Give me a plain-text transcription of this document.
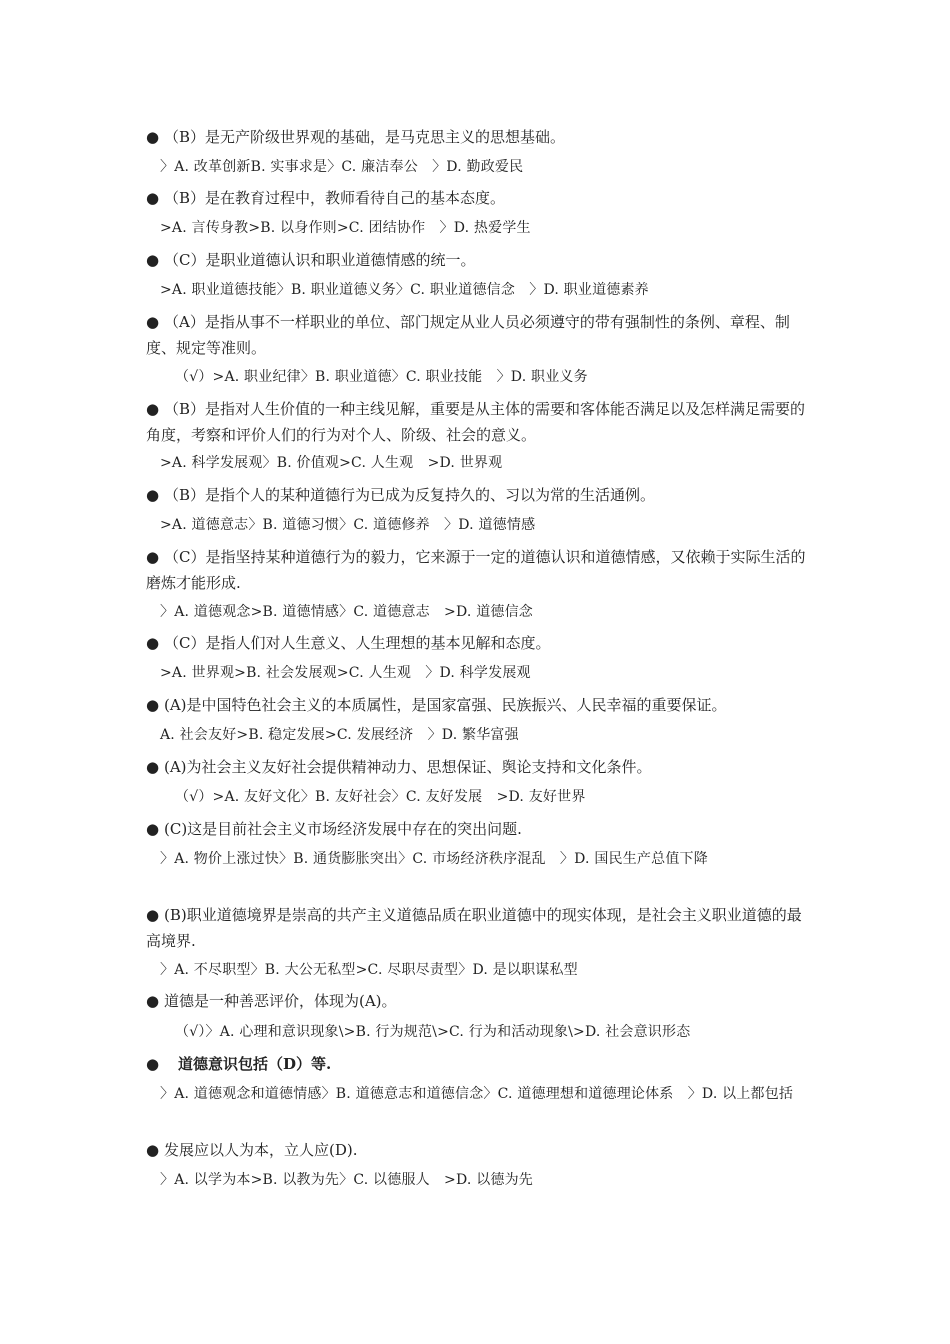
● （B）是无产阶级世界观的基础，是马克思主义的思想基础。
〉A. 改革创新B. 实事求是〉C. 廉洁奉公　〉D. 勤政爱民
● （B）是在教育过程中，教师看待自己的基本态度。
>A. 言传身教>B. 以身作则>C. 团结协作　〉D. 热爱学生
● （C）是职业道德认识和职业道德情感的统一。
>A. 职业道德技能〉B. 职业道德义务〉C. 职业道德信念　〉D. 职业道德素养
● （A）是指从事不一样职业的单位、部门规定从业人员必须遵守的带有强制性的条例、章程、制度、规定等准则。
（√）>A. 职业纪律〉B. 职业道德〉C. 职业技能　〉D. 职业义务
● （B）是指对人生价值的一种主线见解，重要是从主体的需要和客体能否满足以及怎样满足需要的角度，考察和评价人们的行为对个人、阶级、社会的意义。
>A. 科学发展观〉B. 价值观>C. 人生观　>D. 世界观
● （B）是指个人的某种道德行为已成为反复持久的、习以为常的生活通例。
>A. 道德意志〉B. 道德习惯〉C. 道德修养　〉D. 道德情感
● （C）是指坚持某种道德行为的毅力，它来源于一定的道德认识和道德情感，又依赖于实际生活的磨炼才能形成.
〉A. 道德观念>B. 道德情感〉C. 道德意志　>D. 道德信念
● （C）是指人们对人生意义、人生理想的基本见解和态度。
>A. 世界观>B. 社会发展观>C. 人生观　〉D. 科学发展观
● (A)是中国特色社会主义的本质属性，是国家富强、民族振兴、人民幸福的重要保证。
A. 社会友好>B. 稳定发展>C. 发展经济　〉D. 繁华富强
● (A)为社会主义友好社会提供精神动力、思想保证、舆论支持和文化条件。
（√）>A. 友好文化〉B. 友好社会〉C. 友好发展　>D. 友好世界
● (C)这是目前社会主义市场经济发展中存在的突出问题.
〉A. 物价上涨过快〉B. 通货膨胀突出〉C. 市场经济秩序混乱　〉D. 国民生产总值下降
● (B)职业道德境界是崇高的共产主义道德品质在职业道德中的现实体现，是社会主义职业道德的最高境界.
〉A. 不尽职型〉B. 大公无私型>C. 尽职尽责型〉D. 是以职谋私型
● 道德是一种善恶评价，体现为(A)。
（√）〉A. 心理和意识现象\>B. 行为规范\>C. 行为和活动现象\>D. 社会意识形态
● 道德意识包括（D）等.
〉A. 道德观念和道德情感〉B. 道德意志和道德信念〉C. 道德理想和道德理论体系　〉D. 以上都包括
● 发展应以人为本，立人应(D).
〉A. 以学为本>B. 以教为先〉C. 以德服人　>D. 以德为先
